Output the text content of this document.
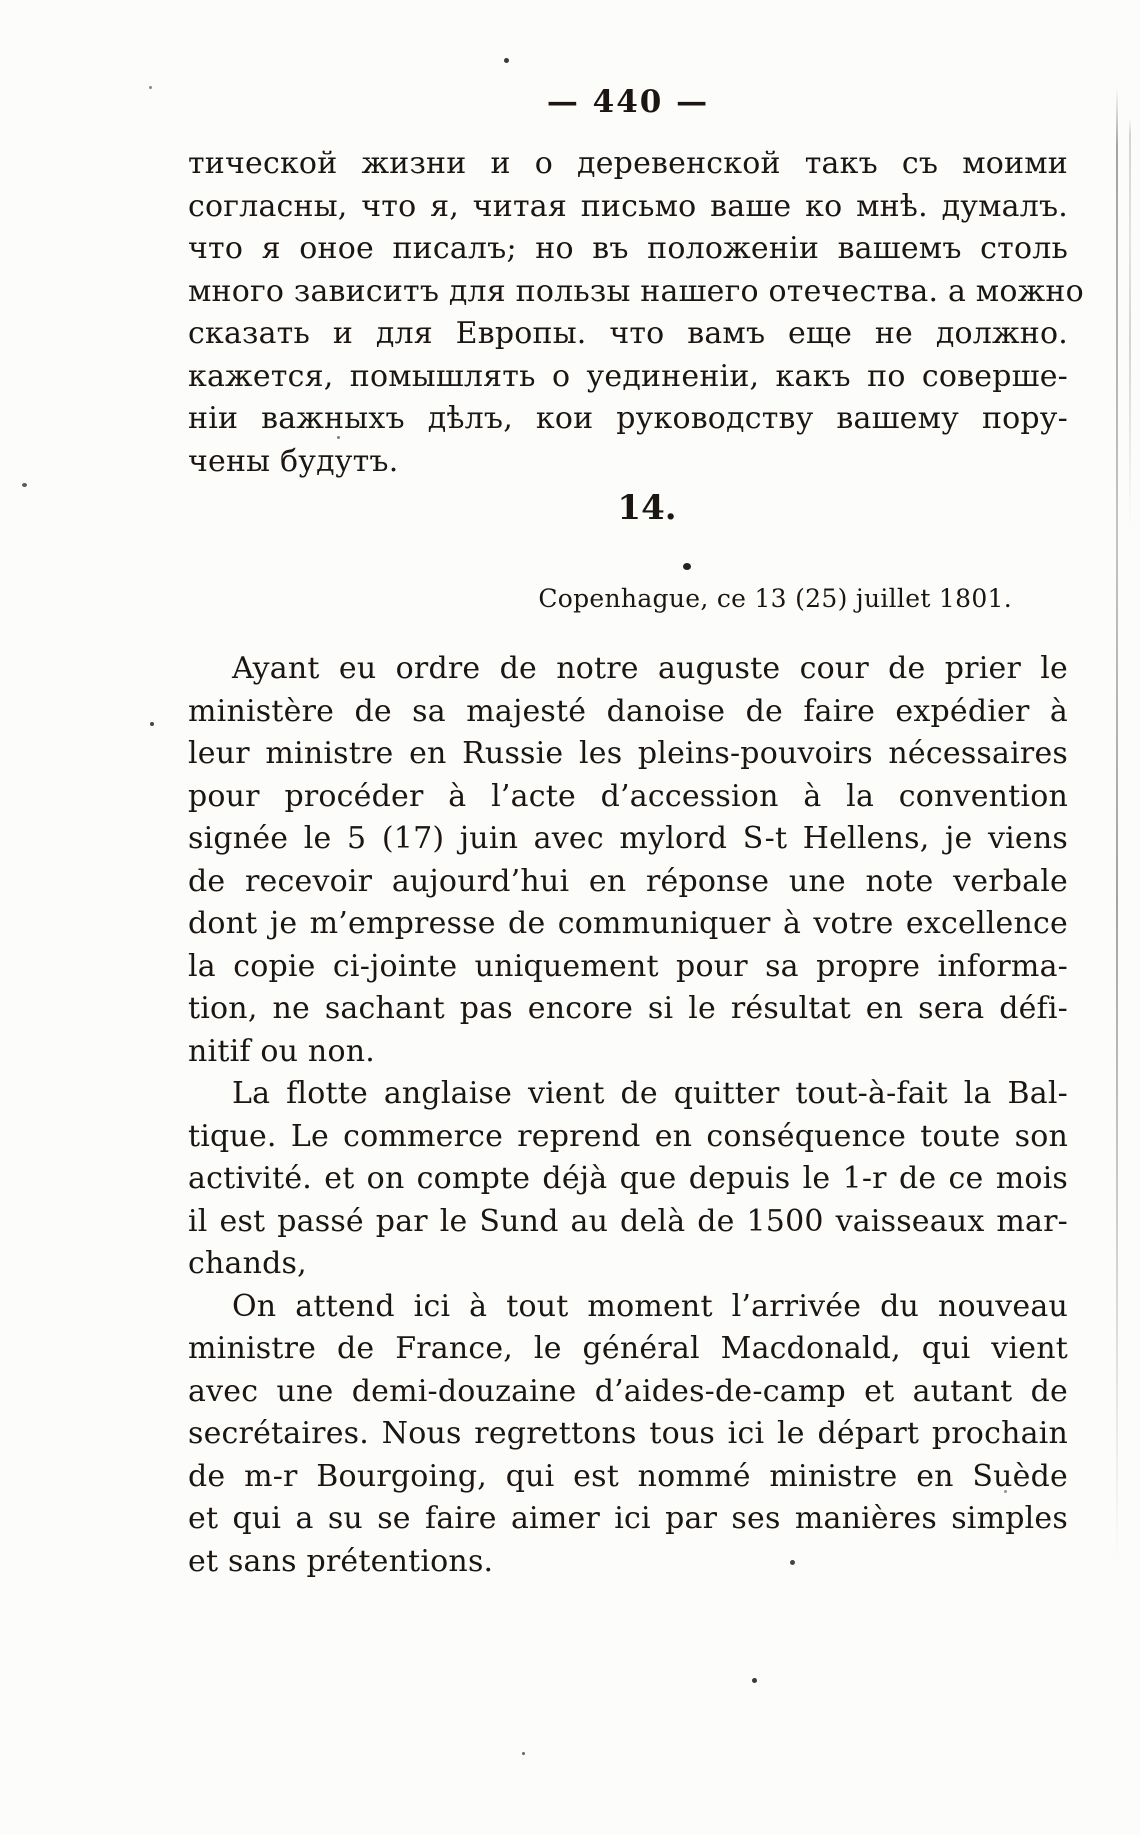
— 440 —
тической жизни и о деревенской такъ съ моими
согласны, что я, читая письмо ваше ко мнѣ. думалъ.
что я оное писалъ; но въ положеніи вашемъ столь
много зависитъ для пользы нашего отечества. а можно
сказать и для Европы. что вамъ еще не должно.
кажется, помышлять о уединеніи, какъ по соверше-
ніи важныхъ дѣлъ, кои руководству вашему пору-
чены будутъ.
14.
Copenhague, ce 13 (25) juillet 1801.
Ayant eu ordre de notre auguste cour de prier le
ministère de sa majesté danoise de faire expédier à
leur ministre en Russie les pleins-pouvoirs nécessaires
pour procéder à l’acte d’accession à la convention
signée le 5 (17) juin avec mylord S-t Hellens, je viens
de recevoir aujourd’hui en réponse une note verbale
dont je m’empresse de communiquer à votre excellence
la copie ci-jointe uniquement pour sa propre informa-
tion, ne sachant pas encore si le résultat en sera défi-
nitif ou non.
La flotte anglaise vient de quitter tout-à-fait la Bal-
tique. Le commerce reprend en conséquence toute son
activité. et on compte déjà que depuis le 1-r de ce mois
il est passé par le Sund au delà de 1500 vaisseaux mar-
chands,
On attend ici à tout moment l’arrivée du nouveau
ministre de France, le général Macdonald, qui vient
avec une demi-douzaine d’aides-de-camp et autant de
secrétaires. Nous regrettons tous ici le départ prochain
de m-r Bourgoing, qui est nommé ministre en Suède
et qui a su se faire aimer ici par ses manières simples
et sans prétentions.
